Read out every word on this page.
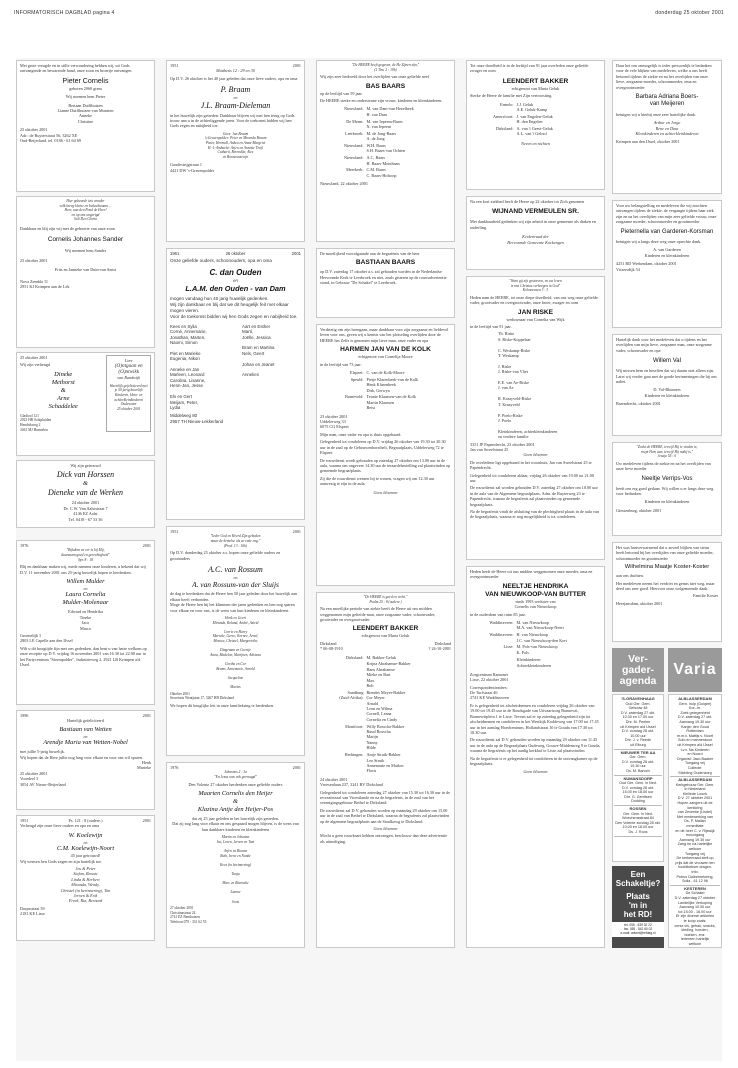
INFORMATORISCH DAGBLAD pagina 4	donderdag 25 oktober 2001
Met grote vreugde en in stille verwondering hebben wij, uit Gods ontvangende en bewarende hand, onze zoon en broertje ontvangen
Pieter Cornelis
geboren 2060 gram
Wij noemen hem Pieter
Bertaan Duiffhuizen
Lianne Duiffhuizen-van Munsten
Anneke
Christine
25 oktober 2001
Adr.: de Ruyterstraat 56, 3262 XE
Oud-Beijerland, tel. 0186 - 61 64 69
Hier gebeurde iets wonder
volk kreeg kleine en bedachtzaam ...
Heer, aan den Pond de Heer!
en op ons ongerigd
Soli Deo Gloria
Dankbaar en blij zijn wij met de geboorte van onze zoon
Cornelis Johannes Sander
Wij noemen hem Sander
25 oktober 2001
Frits en Janneke van Duin-van Senst
Nova Zembla 11
2951 KJ Krimpen aan de Lek
25 oktober 2001
Wij zijn verheugd
Dineke
Methorst
&
Arne
Schaddelee
Gladiool 121
2923 HB Schipluiden
Hendrikweg 2
3461 MJ Harmelen
Liev
(O)ntgaan en (O)ntwikk
van Randwijk
Hartelijk gefeliciteerd met je 50 jarig huwelijk
Kinderen, klein- en achterkleinkinderen
Oudewater
25 oktober 2001
Wij zijn getrouwd
Dick van Horssen
&
Dieneke van de Werken
24 oktober 2001
Dr. C.W. Van Aalststraat 7
4146 EZ Aalst
Tel. 0418 - 67 33 36
1976	2001
"Rijkdom en eer is bij Mij,
duurzaam goed en gerechtigheid"
Spr. 8 : 18
Blij en dankbaar maken wij, mede namens onze kinderen, u bekend dat wij D.V. 11 november 2001 ons 25-jarig huwelijk hopen te herdenken.
Willem Mulder
en
Laura Cornelia
Mulder-Molenaar
Edward en Hendrika
Tineke
Jaco
Marco
Groenelijk 1
2803 LE Capelle aan den IJssel
Wilt u dit hoogtijde fijn met ons gedenken, dan bent u van harte welkom op onze receptie op D.V. vrijdag 16 november 2001 van 16.30 tot 22.00 uur in het Partycentrum "Stormpolder", Industrieweg 2, 2921 LB Krimpen a/d IJssel.
1996	2001
Hartelijk gefeliciteerd
Bastiaan van Wetten
en
Arendje Maria van Wetten-Nobel
met jullie 5-jarig huwelijk.
Wij hopen dat de Here jullie nog lang voor elkaar en voor ons wil sparen.
Henk
Marieke
25 oktober 2001
Voordeel 3
3054 AV Nieuw-Beijerland
1951	Ps. 121 : 8 (oudere.)	2001
Verheugd zijn onze lieve ouders en opa en oma
W. Koelewijn
en
C.M. Koelewijn-Noort
45 jaar getrouwd!
Wij wensen hen Gods zegen en zijn hartelijk toe.
Jos & Peter
Stefan, Renate
Linda & Herbert
Miranda, Wendy,
Christel (in herinnering), Tim
Jeroen & Erik
Freek, Ria, Bernard
Dorpsstraat 39
2181 KE Lisse
1951	2001
Mattheüs 12 : 29 en 30
Op D.V. 26 oktober is het 40 jaar geleden dat onze lieve ouders, opa en oma
P. Braam
en
J.L. Braam-Dieleman
in het huwelijk zijn getreden. Dankbaar blijven wij met hen terug op Gods trouw aan u in de achterliggende jaren. Voor de toekomst bidden wij hen Gods zegen en nabijheid toe.
Goes: Jan Braam
's-Gravenpolder: Peter en Miranda Braam
Pieter, Hermall, Ankea en Anna-Margriet
H.-I.-Ambacht: Arjen en Annette Tivijl
Catharit, Berendite, Alex
en Bonnewaterijn
Goudestrijgstraat 1
4421 DW 's-Gravenpolder
1961	26 oktober	2001
Onze geliefde ouders, schoonouders, opa en oma
C. dan Ouden
en
L.A.M. den Ouden - van Dam
mogen vandaag hun 40 jarig huwelijk gedenken.
Wij zijn dankbaar en blij dat we dit heugelijk feit met elkaar mogen vieren.
Voor de toekomst bidden wij hen Gods zegen en nabijheid toe.
Kees en Sylia
Corné, Annemarie,
Jonathan, Marten,
Naomi, Simon

Piet en Marieke
Eugenia, Nikon

Anneke en Jan
Marleen, Leonard
Carolina, Lisanne,
Henn-Jan, Jesse

Els en Gert
Meijam, Peter,
Lydia
Aart en Esther
Martí,
Joëlle, Jessica

Bram en Martina
Nels, Geert

Johan en Jeanet

Annelies
Middelweg 80
2957 TH Nieuw-Lekkerland
1951	2001
"Ieder God en Heerd Zijn geboden
maar de hemelse als zo rade eng."
(Prod. 13 : 16b)
Op D.V. donderdag 25 oktober a.s. hopen onze geliefde ouders en grootouders
A.C. van Rossum
en
A. van Rossum-van der Sluijs
de dag te herdenken dat de Heere hen 50 jaar geleden door het huwelijk aan elkaar heeft verbonden.
Moge de Heere hen bij het klimmen der jaren gedenken en hen nog sparen voor elkaar en voor ons, is de wens van hun kinderen en kleinkinderen.
Henk en Geert
Miranda, Roland, André, Astrid

Corrie en Harry
Marieke, Gerco, Kornee, Arnel,
Monica, Christel, Margeriethe

Dingeman en Geertje
Anna, Madelon, Marijnen, Adriana

Gertha en Cor
Brams, Annemarie, Arnold

Jacqueline

Marius
Oktober 2001
Secretaris Wentjiaan 17, 3267 HB Dirksland
We hopen dit heuglijke feit in onze familiekring te herdenken.
1976	2001
Johannes 2 : 3a
"En Jezus was ook gevraagd"
Den Volente 27 oktober herdenken onze geliefde ouders
Maarten Cornelis den Heijer
&
Klazina Antje den Heijer-Pos
dat zij 25 jaar geleden in het huwelijk zijn getreden.
Dat zij nog lang voor elkaar en ons gespaard mogen blijven, is de wens van hun dankbare kinderen en kleinkinderen
Martin en Johanna
Ine, Loren, Jeroen en Tom

Arjen en Rianne
Ruth, Irene en Nanke

Kees (in herinnering)

Tanja

Marc en Rianneke

Lianne

Joost
27 oktober 2001
Christinastraat 24
2741 EZ Benthuizen
Telefoon 079 - 331 62 55
"De HEERE heeft gegeven, de He Zijnen zijn,"
(1 Tim. 2 : 19b)
Wij zijn zeer bedroefd door het overlijden van onze geliefde neef
BAS BAARS
op de leeftijd van 59 jaar.
De HEERE sterke en ondersteune zijn vrouw, kinderen en kleinkinderen.
Nieuwland: M. van Dam-van Hezelbeek
H. van Dam
De Merm: M. van Iepeem-Baars
N. van Iepeem
Leerbroek: M. de Jong-Baars
A. de Jong
Nieuwland: W.H. Baars
S.H. Baars-van Ochten
Nieuwland: A.C. Baars
H. Baars-Monthaan
Meerkerk: C.M. Baars
C. Baars-Holsoop
Nieuwland, 22 oktober 2001
De moeilijkeid voorafgaande aan de begrafenis van de heer
BASTIAAN BAARS
op D.V. zaterdag 17 oktober a.s. zal gehouden worden in de Nederlandse Hervormde Kerk te Leerbroek en niet, zoals gisteren op de rouwadvertentie stond, in Gebouw "De Schakel" te Leerbroek.
Verdrietig om zijn heengaan, maar dankbaar voor zijn zorgzame en liefdevol leven voor ons, geven wij u kennis van het plotseling overlijden door de HEERE het Zelfs is genomen mijn lieve man, onze vader en opa
HARMEN JAN VAN DE KOLK
echtgenoot van Cornelija Moore
in de leeftijd van 73 jaar.
Elspeet: C. van de Kolk-Moore
Speuld: Pietje Klarenbeek-van de Kolk
Henk Klarenbeek
Dirk, Gerwyn
Barneveld: Teunie Klaassen-van de Kolk
Martin Klaassen
Betsi
23 oktober 2001
Uddelerweg 33
6075 CG Elspeet
Mijn man, onze vader en opa is thuis opgebaard.
Gelegenheid tot condoleren op D.V. vrijdag 26 oktober van 19.30 tot 20.30 uur in de zaal op de Gebouwenhorstbelt, Begraafplaats, Uddelerweg 72 te Elspeet.
De rouwdienst wordt gehouden op zaterdag 27 oktober om 13.00 uur in de aula, waarna om ongeveer 14.30 uur de teraardebestelling zal plaatsvinden op genoemde begraafplaats.
Zij die de rouwdienst wensen bij te wonen, vragen wij om 12.30 uur aanwezig te zijn in de aula.
Geen bloemen
"De HEERE is goed en recht."
Psalm 25 : 8 (oudere.)
Na een moeilijke periode van ziekte heeft de Heere uit ons midden weggenomen mijn geliefde man, onze zorgzame vader, schoonvader, grootvader en overgrootvader
LEENDERT BAKKER
echtgenoot van Maria Geluk
Dirksland	Dirksland
* 06-08-1910	† 24-10-2001
Dirksland: M. Bakker-Geluk
Krijna Abrahamse-Bakker
Hans Abrahamse
Mieke en Bart
Max
Rob
Sandburg
(Zuid-Afrika):
Riendes Meyer-Bakker
Cor Meyer
Arnald
Leon en Wilma
Cornell, Leana
Cornelia en Cindy
Montfoort: Willy Bosscha-Bakker
Ruud Bosscha
Marijn
Nanny
Hilde
Herbingen: Antje Struik-Bakker
Leo Struik
Annemarie en Marlon
Floris
24 oktober 2001
Vroesenlaan 237, 3241 BV Dirksland
Gelegenheid tot condoleren zaterdag 27 oktober van 15.30 tot 16.30 uur in de recreatiezaal van Vroesilande en na de begrafenis, in de zaal van het verenigingsgebouw Bethel te Dirksland.
De rouwdienst zal D.V. gehouden worden op maandag 29 oktober om 13.00 uur in de zaal van Bethel te Dirksland, waarna de begrafenis zal plaatsvinden op de algemene begraafplaats aan de Staalkowg te Dirksland.
Geen bloemen
Mocht u geen rouwkaart hebben ontvangen, beschouw dan deze advertentie als uitnodiging.
Tot onze droefheid is in de leeftijd van 91 jaar overleden onze geliefde zwager en oom
LEENDERT BAKKER
echtgenoot van Maria Geluk
Sterke de Heere de familie met Zijn vertroosting.
Ermelo: J.J. Geluk
A.E. Geluk-Kamp
Amersfoort: J. van Engelen-Geluk
H. den Engelen
Dirksland: A. van 't Geest-Geluk
A.L. van 't Geloof
Neven en nichten
Na een kort ziekbed heeft de Heere op 22 oktober tot Zich genomen
WIJNAND VERMEULEN SR.
Met dankbaarheid gedenken wij zijn arbeid in onze gemeente als diaken en ouderling.
Kerkenraad der
Hervormde Gemeente Kockengen
"Want gij zijt gestorven, en uw leven
is met Christus verborgen in God"
Kolossensen 3 : 3
Heden nam de HEERE, tot onze diepe droefheid, van ons weg onze geliefde vader, grootvader en overgrootvader, onze broer, zwager en oom
JAN RISKE
weduwnaar van Cornelia van Wijk
in de leeftijd van 91 jaar.
Th. Riske
S. Riske-Koppelaar

C. Weskamp-Riske
T. Weskamp

J. Riske
J. Riske-van Vliet

E.E. van Ae-Riske
J. van Ae

R. Kraayveld-Riske
T. Kraayveld

P. Poelo-Riske
J. Poelo

Kleinkinderen, achterkleinkinderen
en verdere familie
3351 JP Papendrecht, 23 oktober 2001
Jan van Sweelstraat 25
Geen bloemen
De overledene ligt opgebaard in het woonhuis, Jan van Sweelstraat 25 te Papendrecht.
Gelegenheid tot condoleren aldaar, vrijdag 26 oktober van 19.00 tot 21.00 uur.
De rouwdienst zal worden gehouden D.V. zaterdag 27 oktober om 10.00 uur in de aula van de Algemene begraafplaats, Adm. de Ruyterweg 23 te Papendrecht, waarna de begrafenis zal plaatsvinden op genoemde begraafplaats.
Na de begrafenis vindt de afsluiting van de plechtigheid plaats in de aula van de begraafplaats, waarna er nog mogelijkheid is tot condoleren.
Heden heeft de Heere uit ons midden weggenomen onze moeder, oma en overgrootmoeder
NEELTJE HENDRIKA
VAN NIEUWKOOP-VAN BUTTER
sinds 1993 weduwe van
Cornelis van Nieuwkoop
in de ouderdom van ruim 85 jaar.
Waddinxveen: M. van Nieuwkoop
M.A. van Nieuwkoop-Neert
Waddinxveen: H. van Nieuwkoop
J.C. van Nieuwkoop-den Kort
Lisse: M. Pols-van Nieuwkoop
K. Pols
Kleinkinderen
Achterkleinkinderen
Zorgcentrum Ramonet
Lisse, 22 oktober 2001
Correspondentieadres:
De Turfstraat 46
2741 KE Waddinxveen
Er is gelegenheid tot afscheidnemen en condoleren vrijdag 26 oktober van 19.00 tot 19.45 uur in de Roudsgade van Uitvaartzorg Bonnewit, Bonnewitplein 1 te Lisse. Tevens zal er op zaterdag gelegenheid zijn tot afscheidnemen en condoleren in het Westkijk Koddeweg van 17.00 tot 17.45 uur in het aanslag Hoedcentrum, Hollandstraat 10 te Gouda van 17.30 tot 18.30 uur.
De rouwdienst zal D.V. gehouden worden op maandag 29 oktober om 11.45 uur in de aula op de Begraafplaats Oudeweg, Gouwe-Middenweg 9 te Gouda, waarna de begrafenis op het aanlig kerkhof te Lisse zal plaatsvinden.
Na de begrafenis is er gelegenheid tot condoleren in de ontvangkamer op de begraafplaats.
Geen bloemen
Daar het ons onmogelijk is ieder persoonlijk te bedanken voor de vele blijken van medeleven, welke u ons heeft betoond tijdens de ziekte en na het overlijden van onze lieve, zorgzame moeder, schoonmoeder, oma en overgrootmoeder
Barbara Adriana Boers-
van Meijeren
betuigen wij u hierbij onze zeer hartelijke dank.
Arthur en Jorge
Rene en Dina
Kleinkinderen en achterkleinkinderen
Krimpen aan den IJssel, oktober 2001
Voor uw belangstelling en medeleven die wij mochten ontvangen tijdens de ziekte, de vergangte tijdens haar ziek zijn en na het overlijden van mijn zeer geliefde vrouw, onze zorgzame moeder, schoonmoeder en grootmoeder
Pieternella van Garderen-Korsman
betuigen wij u langs deze weg onze oprechte dank.
A. van Garderen
Kinderen en kleinkinderen
4251 BD Werkendam, oktober 2001
Vissersdijk 54
Hartelijk dank voor het medeleven dat u tijdens en het overlijden van mijn lieve, zorgzame man, onze zorgzame vader, schoonvader en opa
Willem Val
Wij missen hem en beseffen dat wij daarin niet alleen zijn.
Latet wij verder gaat met de goede herinneringen die hij ons naliet.
D. Val-Bluimers
Kinderen en kleinkinderen
Barendrecht, oktober 2001
"Zoekt de HEERE, terwijl Hij te vinden is;
roept Hem aan, terwijl Hij nabij is."
Jesaja 55 : 6
Uw medeleven tijdens de ziekte en na het overlijden van onze lieve moeder
Neeltje Verrips-Vos
heeft ons erg goed gedaan. Wij willen u er langs deze weg voor bedanken.
Kinderen en kleinkinderen
Giessenburg, oktober 2001
Het was hartverwarmend dat u zoveel blijken van steun heeft betoond bij het overlijden van onze geliefde moeder, schoonmoeder en grootmoeder
Wilhelmina Maatje Koster-Koster
aan ons dachten.
Het medeleven neemt het verdriet en gemis niet weg, maar deed ons zeer goed. Hiervoor onze welgemeende dank.
Familie Koster
Heerjansdam, oktober 2001
Ver-
gader-
agenda
Varia
'S-GRAVENHAAG
Oud Ger. Gem.
Gebouw 48
D.V. zaterdag 27 okt.
10.30 en 17.00 uur
Dhr. M. Peelen
uit Krimpen a/d IJssel
D.V. zondag 28 okt.
10.00 uur
Dhr. J. v. Reede
uit Elburg
NIEUWER TER AA
Ger. Gem.
D.V. zondag 28 okt.
19.30 uur
Ds. M. Baroch
NUMANSDORP
Oud Ger. Gem. in Ned.
D.V. zondag 28 okt.
15.00 en 18.00 uur
Dhr. G. Gerritsen
Dodding
ROSSEN
Ger. Gem. in Ned.
Woechensstraat 84
Den Volente zondag 28 okt.
10.00 en 18.00 uur
Ds. J. Roos
Een
Schakeltje?
Plaats
'm in
het RD!
tel. 055 - 539 32 22
fax. 055 - 542 60 02
e-mail: advert@refdag.nl
ALBLASSERDAM
Gern. hulp (Goiqee)
Kor.-m.
Zoek gelegenheid
D.V. zaterdag 27 okt.
Aanvang 19.30 uur
Kanjer den Goud
Rotterdam
m.m.v. Mattijs v. Noort
Solo en mannenkoor
uit Krimpen a/d IJssel
t.v.v. Na Kinderen
en Noord
Organist: Jaco Baaker
Toegang vrij
Collecte:
Stichting Oudenzorg
ALBLASSERDAM
Kerkgebouw Ger. Gem.
in Nederland
Kiellede Loonk
D.V. 27 oktober 2001
Hopen zangers uit de
kerkkring
van Zevenke (Lisdel)
Met medewerking van
Ds. P. Mallan
mmeditate
en de heer C. v. Rijswijk
mvoorgang
Aanvang 19.30 uur
Zang en na-hartelijke
welkom
Toegang vrij
De kerkenraad stelt op
prijs dat de vrouwen ten
hoofdbekser dragen.
Info:
Petrus Dalbernetoring,
Solla - 61 12 96
KESTEREN
De Schakel
D.V. zaterdag 27 oktober
Landelijke Verkoping
Aanvang 10.00 uur
tot 15.00 - 16.00 uur
Er zijn diverse artikelen
te koop zoals:
verse vis, gebak, snacks,
kleding, hoeden,
boeken, enz.
Iedereen hartelijk
welkom
